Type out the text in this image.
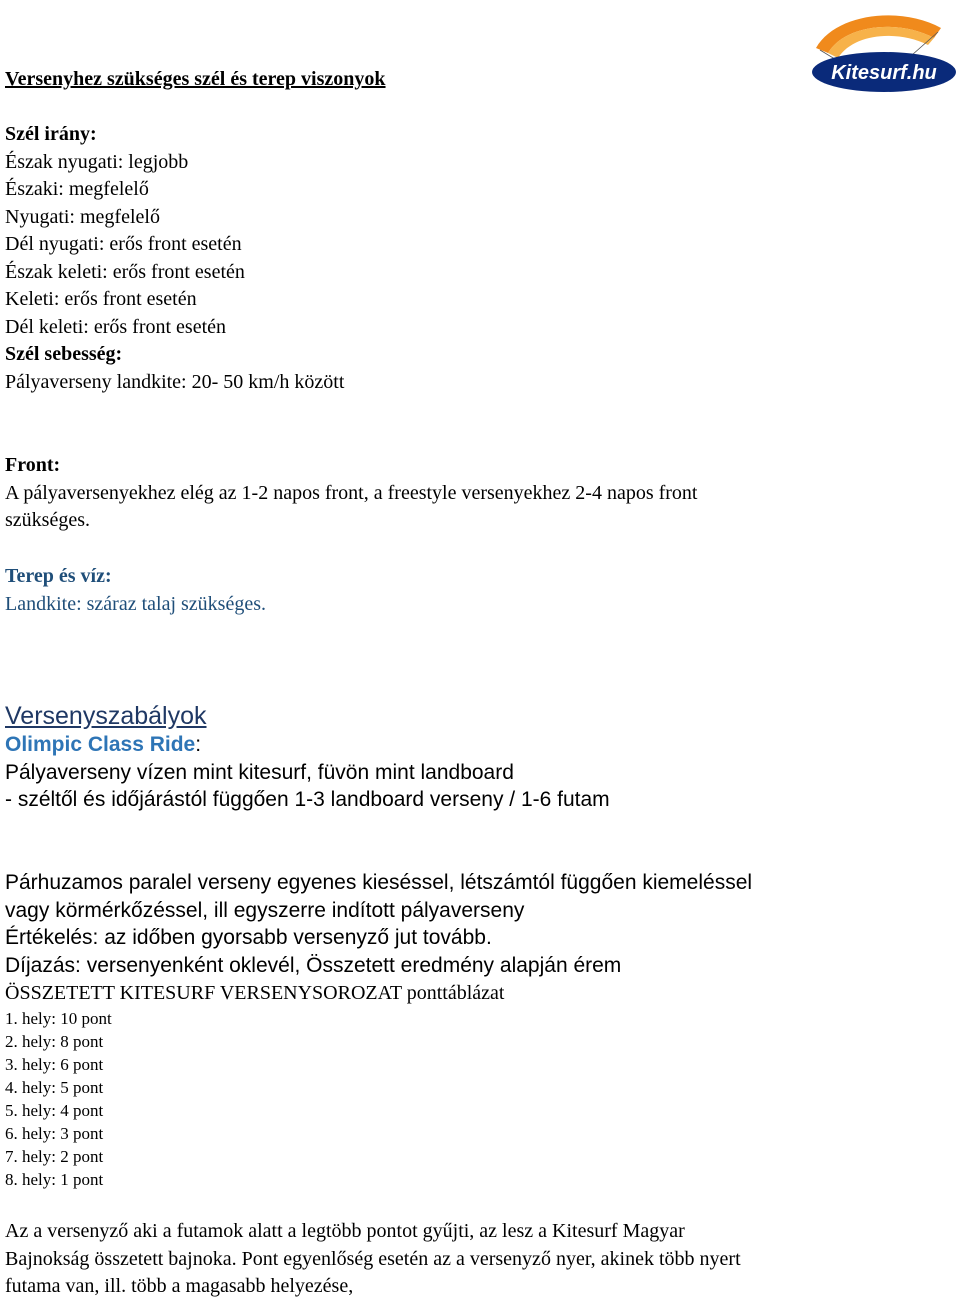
Kitesurf.hu
Versenyhez szükséges szél és terep viszonyok
Szél irány:
Észak nyugati: legjobb
Északi: megfelelő
Nyugati: megfelelő
Dél nyugati: erős front esetén
Észak keleti: erős front esetén
Keleti: erős front esetén
Dél keleti: erős front esetén
Szél sebesség:
Pályaverseny landkite: 20- 50 km/h között
Front:
A pályaversenyekhez elég az 1-2 napos front, a freestyle versenyekhez 2-4 napos front
szükséges.
Terep és víz:
Landkite: száraz talaj szükséges.
Versenyszabályok
Olimpic Class Ride:
Pályaverseny vízen mint kitesurf, füvön mint landboard
- széltől és időjárástól függően 1-3 landboard verseny / 1-6 futam
Párhuzamos paralel verseny egyenes kieséssel, létszámtól függően kiemeléssel
vagy körmérkőzéssel, ill egyszerre indított pályaverseny
Értékelés: az időben gyorsabb versenyző jut tovább.
Díjazás: versenyenként oklevél, Összetett eredmény alapján érem
ÖSSZETETT KITESURF VERSENYSOROZAT ponttáblázat
1. hely: 10 pont
2. hely: 8 pont
3. hely: 6 pont
4. hely: 5 pont
5. hely: 4 pont
6. hely: 3 pont
7. hely: 2 pont
8. hely: 1 pont
Az a versenyző aki a futamok alatt a legtöbb pontot gyűjti, az lesz a Kitesurf Magyar
Bajnokság összetett bajnoka. Pont egyenlőség esetén az a versenyző nyer, akinek több nyert
futama van, ill. több a magasabb helyezése,
